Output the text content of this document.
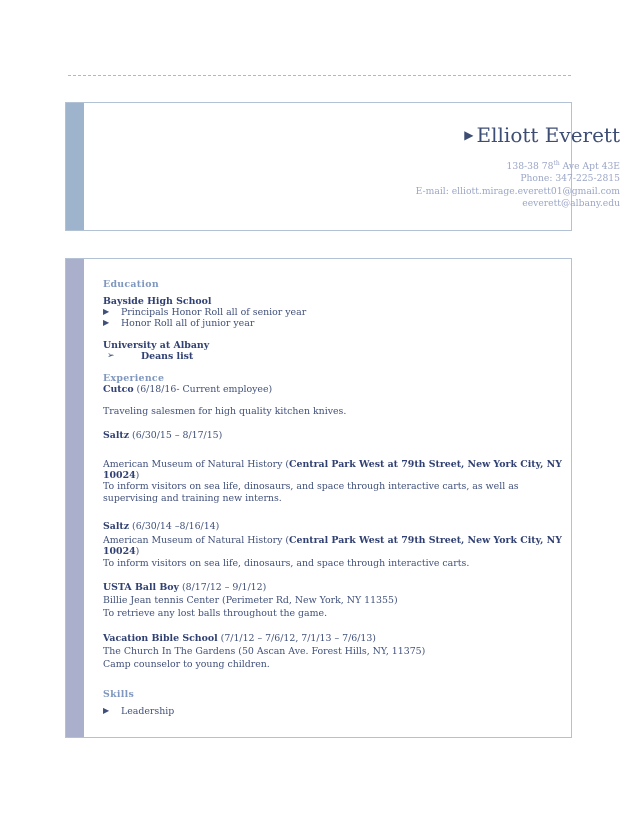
▶ Elliott Everett
138-38 78th Ave Apt 43E
Phone: 347-225-2815
E-mail: elliott.mirage.everett01@gmail.com
eeverett@albany.edu
Education
Bayside High School
▶ Principals Honor Roll all of senior year
▶ Honor Roll all of junior year
University at Albany
➢	Deans list
Experience
Cutco (6/18/16- Current employee)
Traveling salesmen for high quality kitchen knives.
Saltz (6/30/15 – 8/17/15)
American Museum of Natural History (Central Park West at 79th Street, New York City, NY
10024)
To inform visitors on sea life, dinosaurs, and space through interactive carts, as well as
supervising and training new interns.
Saltz (6/30/14 –8/16/14)
American Museum of Natural History (Central Park West at 79th Street, New York City, NY
10024)
To inform visitors on sea life, dinosaurs, and space through interactive carts.
USTA Ball Boy (8/17/12 – 9/1/12)
Billie Jean tennis Center (Perimeter Rd, New York, NY 11355)
To retrieve any lost balls throughout the game.
Vacation Bible School (7/1/12 – 7/6/12, 7/1/13 – 7/6/13)
The Church In The Gardens (50 Ascan Ave. Forest Hills, NY, 11375)
Camp counselor to young children.
Skills
▶ Leadership
